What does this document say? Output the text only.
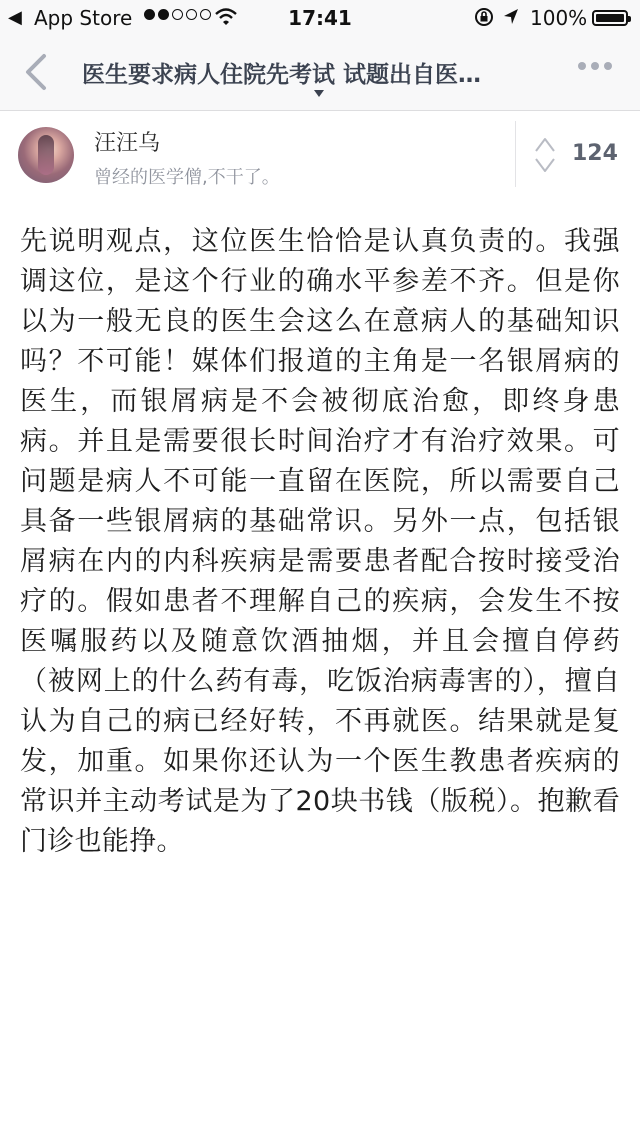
◀ App Store	17:41	100%
医生要求病人住院先考试 试题出自医…
汪汪乌
曾经的医学僧,不干了。
124
先说明观点，这位医生恰恰是认真负责的。我强调这位，是这个行业的确水平参差不齐。但是你以为一般无良的医生会这么在意病人的基础知识吗？不可能！媒体们报道的主角是一名银屑病的医生，而银屑病是不会被彻底治愈，即终身患病。并且是需要很长时间治疗才有治疗效果。可问题是病人不可能一直留在医院，所以需要自己具备一些银屑病的基础常识。另外一点，包括银屑病在内的内科疾病是需要患者配合按时接受治疗的。假如患者不理解自己的疾病，会发生不按医嘱服药以及随意饮酒抽烟，并且会擅自停药（被网上的什么药有毒，吃饭治病毒害的），擅自认为自己的病已经好转，不再就医。结果就是复发，加重。如果你还认为一个医生教患者疾病的常识并主动考试是为了20块书钱（版税）。抱歉看门诊也能挣。
